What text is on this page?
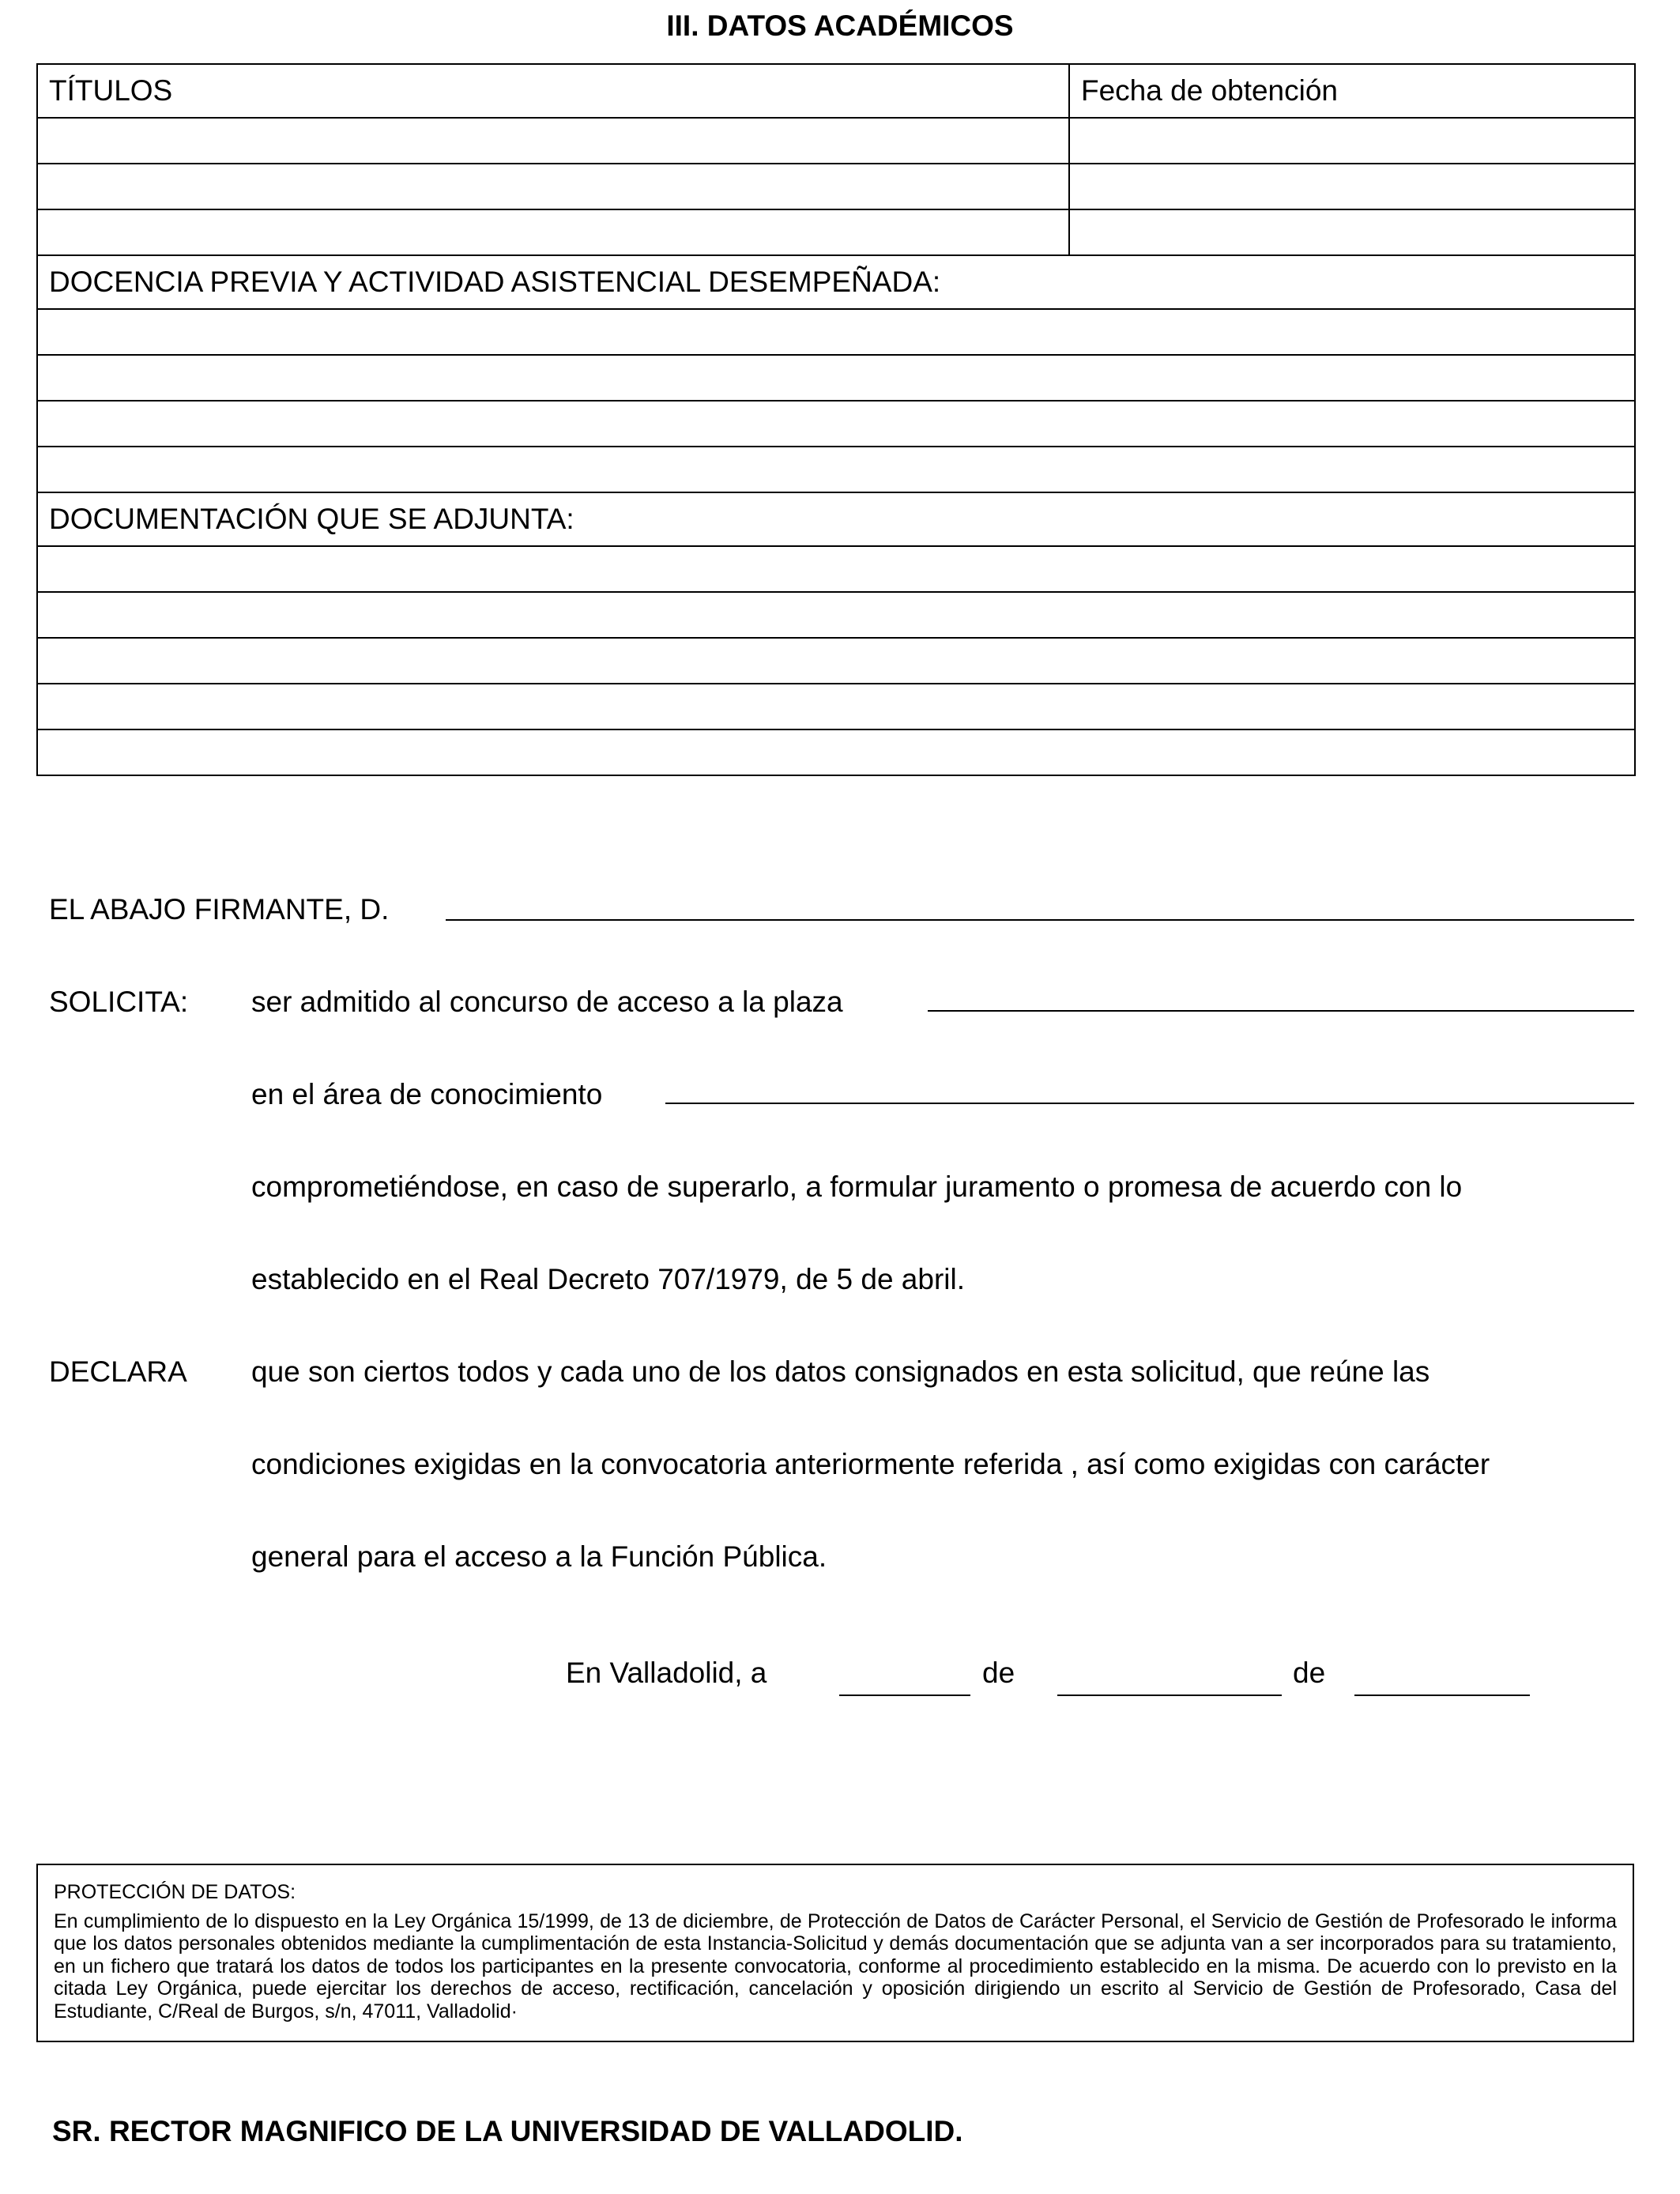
III. DATOS ACADÉMICOS
TÍTULOS	Fecha de obtención

DOCENCIA PREVIA Y ACTIVIDAD ASISTENCIAL DESEMPEÑADA:	

DOCUMENTACIÓN QUE SE ADJUNTA:	

EL ABAJO FIRMANTE, D.
SOLICITA: ser admitido al concurso de acceso a la plaza
en el área de conocimiento
comprometiéndose, en caso de superarlo, a formular juramento o promesa de acuerdo con lo
establecido en el Real Decreto 707/1979, de 5 de abril.
DECLARA que son ciertos todos y cada uno de los datos consignados en esta solicitud, que reúne las
condiciones exigidas en la convocatoria anteriormente referida , así como exigidas con carácter
general para el acceso a la Función Pública.
En Valladolid, a	de	de
PROTECCIÓN DE DATOS:
En cumplimiento de lo dispuesto en la Ley Orgánica 15/1999, de 13 de diciembre, de Protección de Datos de Carácter Personal, el Servicio de Gestión de Profesorado le informa que los datos personales obtenidos mediante la cumplimentación de esta Instancia-Solicitud y demás documentación que se adjunta van a ser incorporados para su tratamiento, en un fichero que tratará los datos de todos los participantes en la presente convocatoria, conforme al procedimiento establecido en la misma. De acuerdo con lo previsto en la citada Ley Orgánica, puede ejercitar los derechos de acceso, rectificación, cancelación y oposición dirigiendo un escrito al Servicio de Gestión de Profesorado, Casa del Estudiante, C/Real de Burgos, s/n, 47011, Valladolid·
SR. RECTOR MAGNIFICO DE LA UNIVERSIDAD DE VALLADOLID.
